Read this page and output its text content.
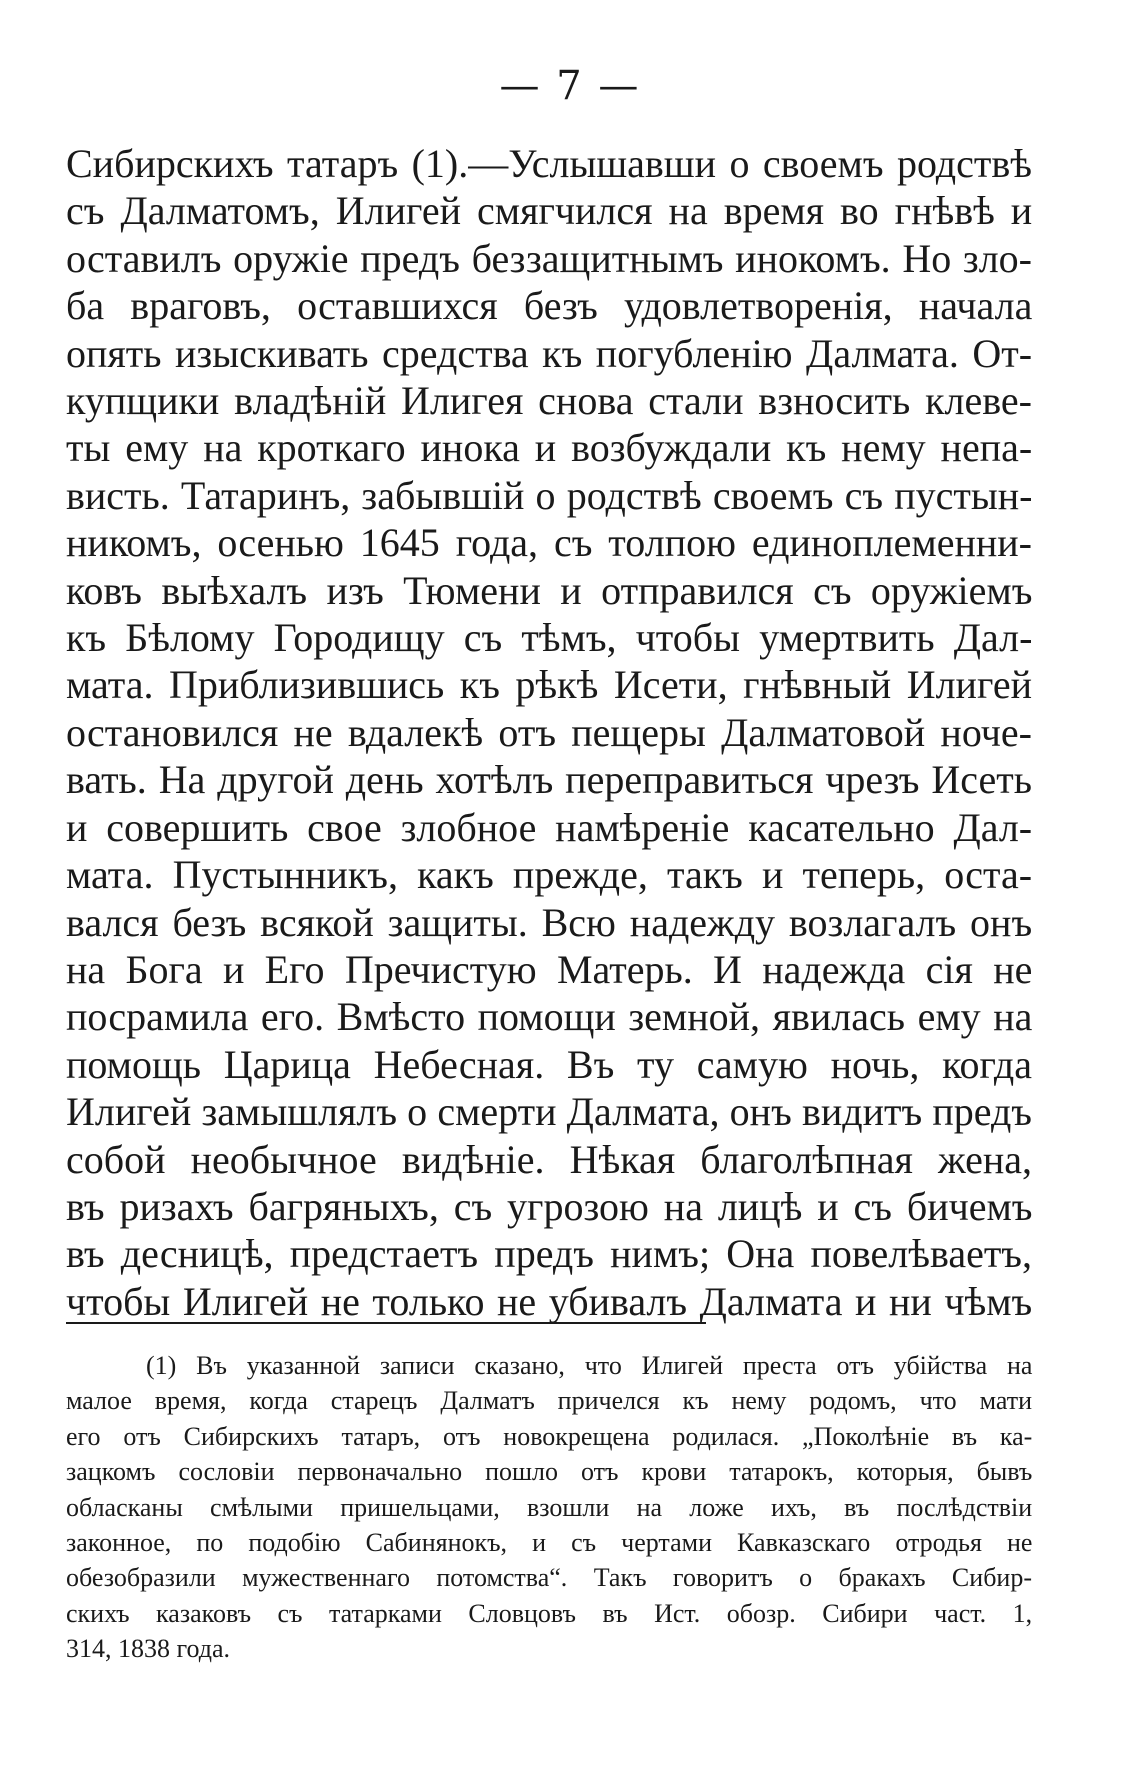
— 7 —
Сибирскихъ татаръ (1).—Услышавши о своемъ родствѣ
съ Далматомъ, Илигей смягчился на время во гнѣвѣ и
оставилъ оружіе предъ беззащитнымъ инокомъ. Но зло-
ба враговъ, оставшихся безъ удовлетворенія, начала
опять изыскивать средства къ погубленію Далмата. От-
купщики владѣній Илигея снова стали взносить клеве-
ты ему на кроткаго инока и возбуждали къ нему непа-
висть. Татаринъ, забывшій о родствѣ своемъ съ пустын-
никомъ, осенью 1645 года, съ толпою единоплеменни-
ковъ выѣхалъ изъ Тюмени и отправился съ оружіемъ
къ Бѣлому Городищу съ тѣмъ, чтобы умертвить Дал-
мата. Приблизившись къ рѣкѣ Исети, гнѣвный Илигей
остановился не вдалекѣ отъ пещеры Далматовой ноче-
вать. На другой день хотѣлъ переправиться чрезъ Исеть
и совершить свое злобное намѣреніе касательно Дал-
мата. Пустынникъ, какъ прежде, такъ и теперь, оста-
вался безъ всякой защиты. Всю надежду возлагалъ онъ
на Бога и Его Пречистую Матерь. И надежда сія не
посрамила его. Вмѣсто помощи земной, явилась ему на
помощь Царица Небесная. Въ ту самую ночь, когда
Илигей замышлялъ о смерти Далмата, онъ видитъ предъ
собой необычное видѣніе. Нѣкая благолѣпная жена,
въ ризахъ багряныхъ, съ угрозою на лицѣ и съ бичемъ
въ десницѣ, предстаетъ предъ нимъ; Она повелѣваетъ,
чтобы Илигей не только не убивалъ Далмата и ни чѣмъ
(1) Въ указанной записи сказано, что Илигей преста отъ убійства на
малое время, когда старецъ Далматъ причелся къ нему родомъ, что мати
его отъ Сибирскихъ татаръ, отъ новокрещена родилася. „Поколѣніе въ ка-
зацкомъ сословіи первоначально пошло отъ крови татарокъ, которыя, бывъ
обласканы смѣлыми пришельцами, взошли на ложе ихъ, въ послѣдствіи
законное, по подобію Сабинянокъ, и съ чертами Кавказскаго отродья не
обезобразили мужественнаго потомства“. Такъ говоритъ о бракахъ Сибир-
скихъ казаковъ съ татарками Словцовъ въ Ист. обозр. Сибири част. 1,
314, 1838 года.
